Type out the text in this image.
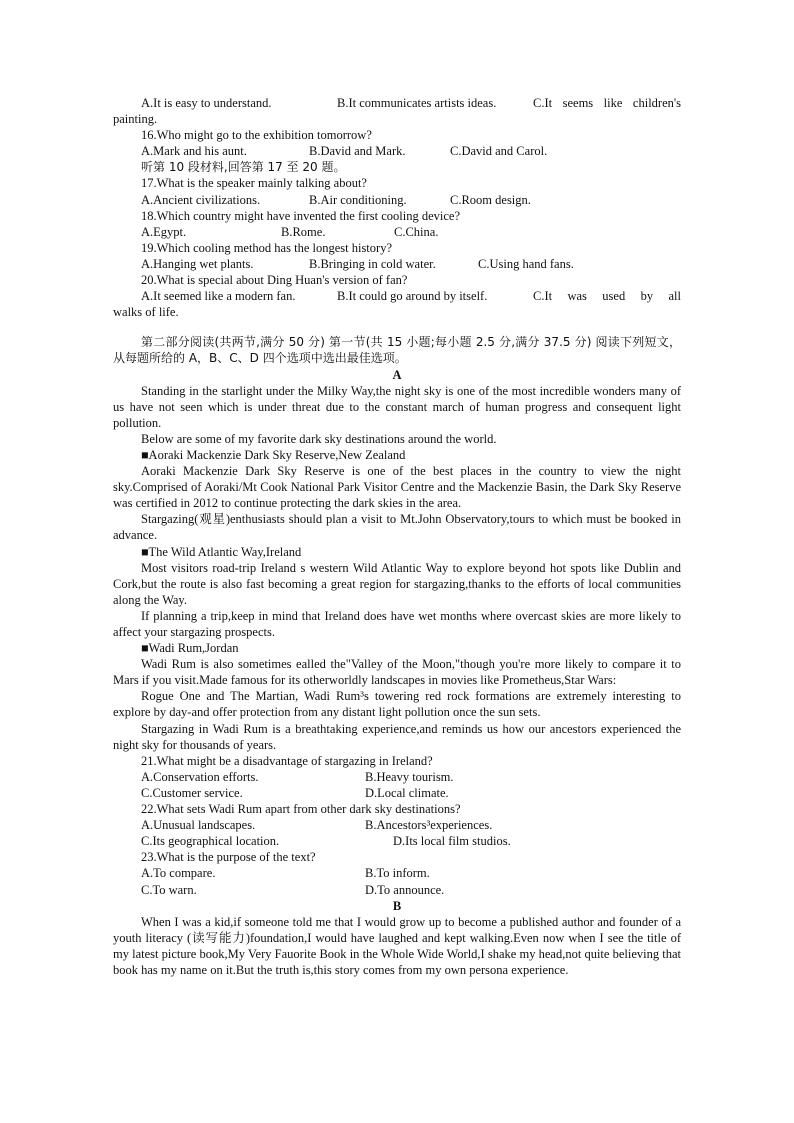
A.It is easy to understand.	B.It communicates artists ideas.	C.It seems like children's

painting.

16.Who might go to the exhibition tomorrow?

A.Mark and his aunt.	B.David and Mark.	C.David and Carol.

听第 10 段材料,回答第 17 至 20 题。

17.What is the speaker mainly talking about?

A.Ancient civilizations.	B.Air conditioning.	C.Room design.

18.Which country might have invented the first cooling device?

A.Egypt.	B.Rome.	C.China.

19.Which cooling method has the longest history?

A.Hanging wet plants.	B.Bringing in cold water.	C.Using hand fans.

20.What is special about Ding Huan's version of fan?

A.It seemed like a modern fan.	B.It could go around by itself.	C.It was used by all

walks of life.

第二部分阅读(共两节,满分 50 分) 第一节(共 15 小题;每小题 2.5 分,满分 37.5 分) 阅读下列短文，从每题所给的 A，B、C、D 四个选项中选出最佳选项。

A

Standing in the starlight under the Milky Way,the night sky is one of the most incredible wonders many of us have not seen which is under threat due to the constant march of human progress and consequent light pollution.

Below are some of my favorite dark sky destinations around the world.

■Aoraki Mackenzie Dark Sky Reserve,New Zealand

Aoraki Mackenzie Dark Sky Reserve is one of the best places in the country to view the night sky.Comprised of Aoraki/Mt Cook National Park Visitor Centre and the Mackenzie Basin, the Dark Sky Reserve was certified in 2012 to continue protecting the dark skies in the area.

Stargazing(观星)enthusiasts should plan a visit to Mt.John Observatory,tours to which must be booked in advance.

■The Wild Atlantic Way,Ireland

Most visitors road-trip Ireland s western Wild Atlantic Way to explore beyond hot spots like Dublin and Cork,but the route is also fast becoming a great region for stargazing,thanks to the efforts of local communities along the Way.

If planning a trip,keep in mind that Ireland does have wet months where overcast skies are more likely to affect your stargazing prospects.

■Wadi Rum,Jordan

Wadi Rum is also sometimes ealled the"Valley of the Moon,"though you're more likely to compare it to Mars if you visit.Made famous for its otherworldly landscapes in movies like Prometheus,Star Wars:

Rogue One and The Martian, Wadi Rum³s towering red rock formations are extremely interesting to explore by day-and offer protection from any distant light pollution once the sun sets.

Stargazing in Wadi Rum is a breathtaking experience,and reminds us how our ancestors experienced the night sky for thousands of years.

21.What might be a disadvantage of stargazing in Ireland?

A.Conservation efforts.	B.Heavy tourism.
C.Customer service.	D.Local climate.

22.What sets Wadi Rum apart from other dark sky destinations?

A.Unusual landscapes.	B.Ancestors³experiences.
C.Its geographical location.	D.Its local film studios.

23.What is the purpose of the text?

A.To compare.	B.To inform.
C.To warn.	D.To announce.

B

When I was a kid,if someone told me that I would grow up to become a published author and founder of a youth literacy (读写能力)foundation,I would have laughed and kept walking.Even now when I see the title of my latest picture book,My Very Fauorite Book in the Whole Wide World,I shake my head,not quite believing that book has my name on it.But the truth is,this story comes from my own persona experience.
